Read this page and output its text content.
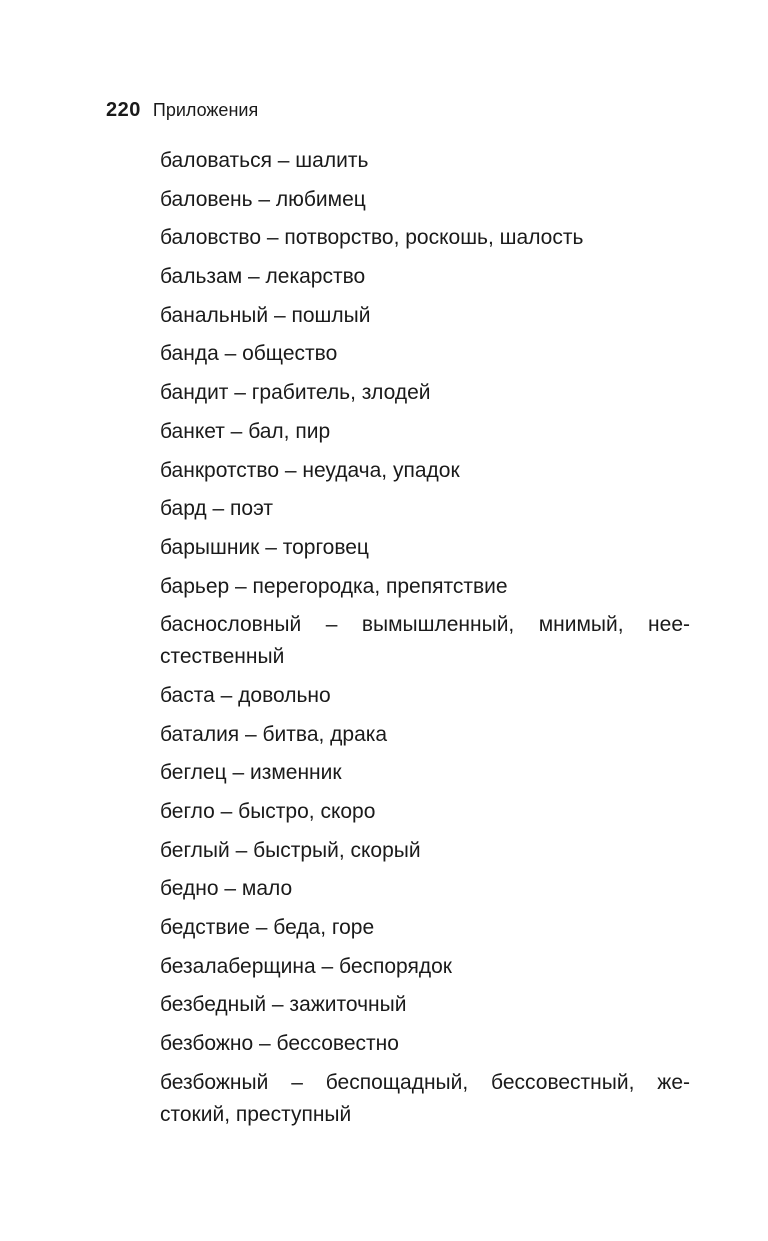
220 Приложения
баловаться – шалить
баловень – любимец
баловство – потворство, роскошь, шалость
бальзам – лекарство
банальный – пошлый
банда – общество
бандит – грабитель, злодей
банкет – бал, пир
банкротство – неудача, упадок
бард – поэт
барышник – торговец
барьер – перегородка, препятствие
баснословный – вымышленный, мнимый, нее-
стественный
баста – довольно
баталия – битва, драка
беглец – изменник
бегло – быстро, скоро
беглый – быстрый, скорый
бедно – мало
бедствие – беда, горе
безалаберщина – беспорядок
безбедный – зажиточный
безбожно – бессовестно
безбожный – беспощадный, бессовестный, же-
стокий, преступный
